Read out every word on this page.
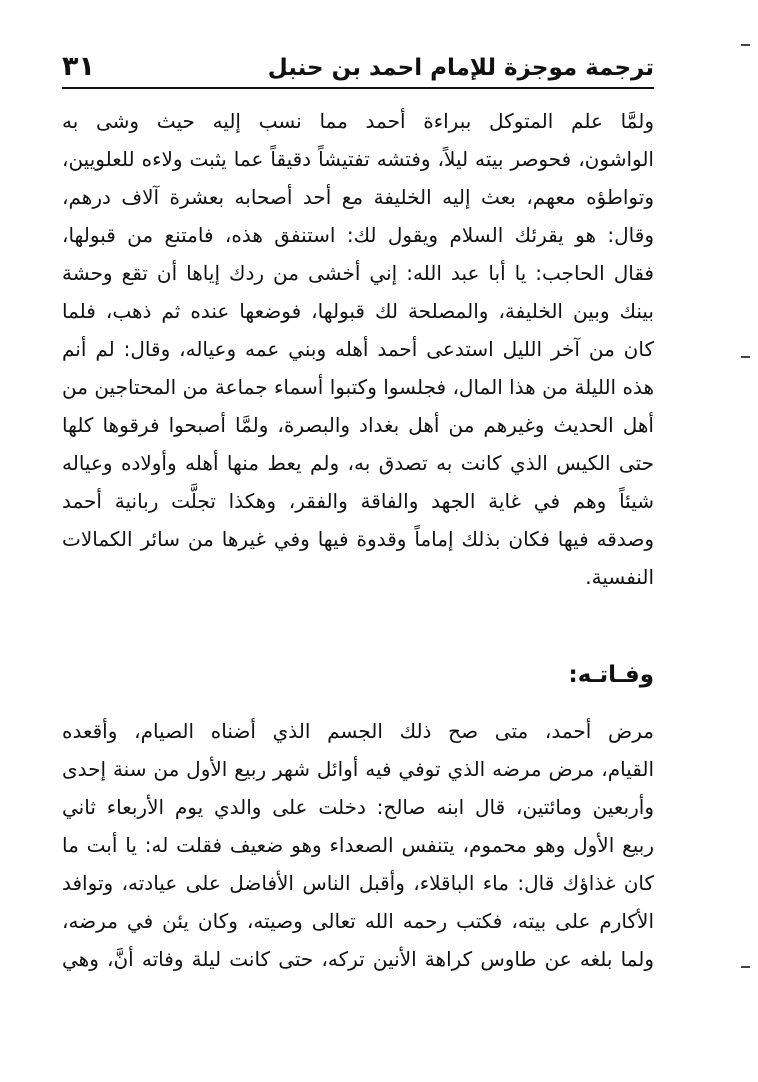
ترجمة موجزة للإمام احمد بن حنبل
٣١
ولمَّا علم المتوكل ببراءة أحمد مما نسب إليه حيث وشى به
الواشون، فحوصر بيته ليلاً، وفتشه تفتيشاً دقيقاً عما يثبت ولاءه للعلويين،
وتواطؤه معهم، بعث إليه الخليفة مع أحد أصحابه بعشرة آلاف درهم،
وقال: هو يقرئك السلام ويقول لك: استنفق هذه، فامتنع من قبولها،
فقال الحاجب: يا أبا عبد الله: إني أخشى من ردك إياها أن تقع وحشة
بينك وبين الخليفة، والمصلحة لك قبولها، فوضعها عنده ثم ذهب، فلما
كان من آخر الليل استدعى أحمد أهله وبني عمه وعياله، وقال: لم أنم
هذه الليلة من هذا المال، فجلسوا وكتبوا أسماء جماعة من المحتاجين من
أهل الحديث وغيرهم من أهل بغداد والبصرة، ولمَّا أصبحوا فرقوها كلها
حتى الكيس الذي كانت به تصدق به، ولم يعط منها أهله وأولاده وعياله
شيئاً وهم في غاية الجهد والفاقة والفقر، وهكذا تجلَّت ربانية أحمد
وصدقه فيها فكان بذلك إماماً وقدوة فيها وفي غيرها من سائر الكمالات
النفسية.
وفـاتـه:
مرض أحمد، متى صح ذلك الجسم الذي أضناه الصيام، وأقعده
القيام، مرض مرضه الذي توفي فيه أوائل شهر ربيع الأول من سنة إحدى
وأربعين ومائتين، قال ابنه صالح: دخلت على والدي يوم الأربعاء ثاني
ربيع الأول وهو محموم، يتنفس الصعداء وهو ضعيف فقلت له: يا أبت ما
كان غذاؤك قال: ماء الباقلاء، وأقبل الناس الأفاضل على عيادته، وتوافد
الأكارم على بيته، فكتب رحمه الله تعالى وصيته، وكان يئن في مرضه،
ولما بلغه عن طاوس كراهة الأنين تركه، حتى كانت ليلة وفاته أنَّ، وهي
